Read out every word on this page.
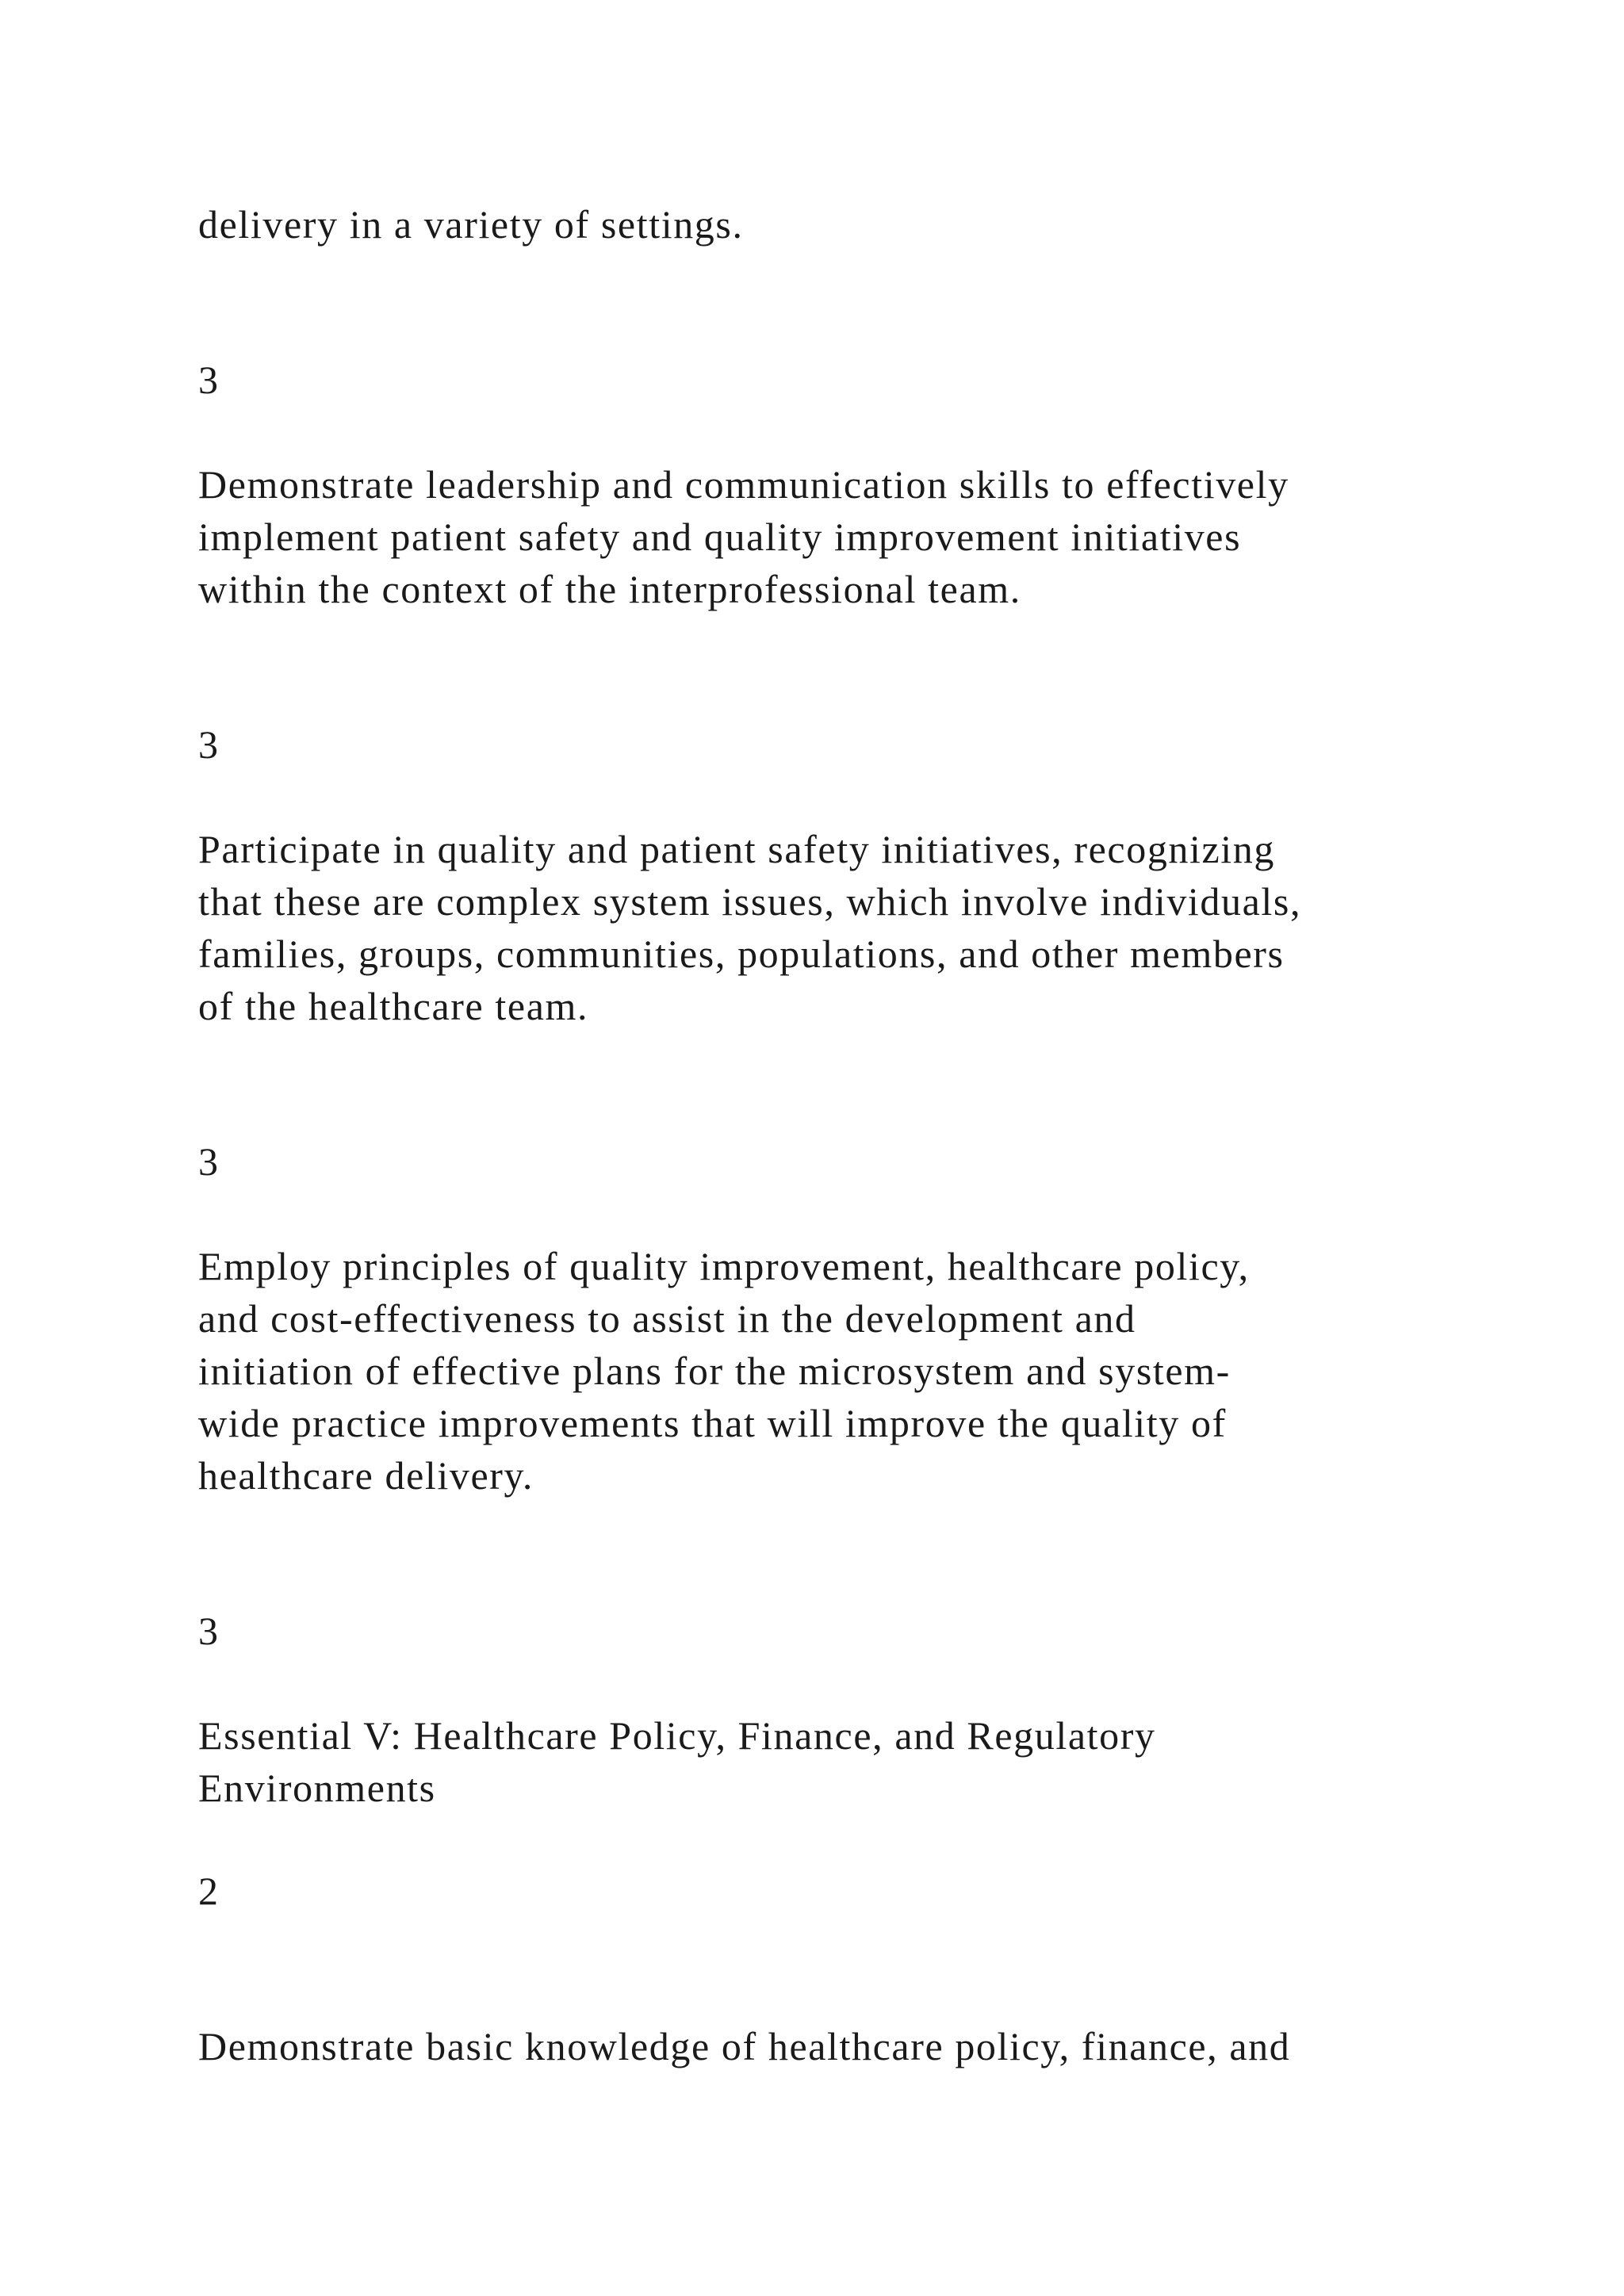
delivery in a variety of settings.

3

Demonstrate leadership and communication skills to effectively

implement patient safety and quality improvement initiatives

within the context of the interprofessional team.

3

Participate in quality and patient safety initiatives, recognizing

that these are complex system issues, which involve individuals,

families, groups, communities, populations, and other members

of the healthcare team.

3

Employ principles of quality improvement, healthcare policy,

and cost-effectiveness to assist in the development and

initiation of effective plans for the microsystem and system-

wide practice improvements that will improve the quality of

healthcare delivery.

3

Essential V: Healthcare Policy, Finance, and Regulatory

Environments

2

Demonstrate basic knowledge of healthcare policy, finance, and
